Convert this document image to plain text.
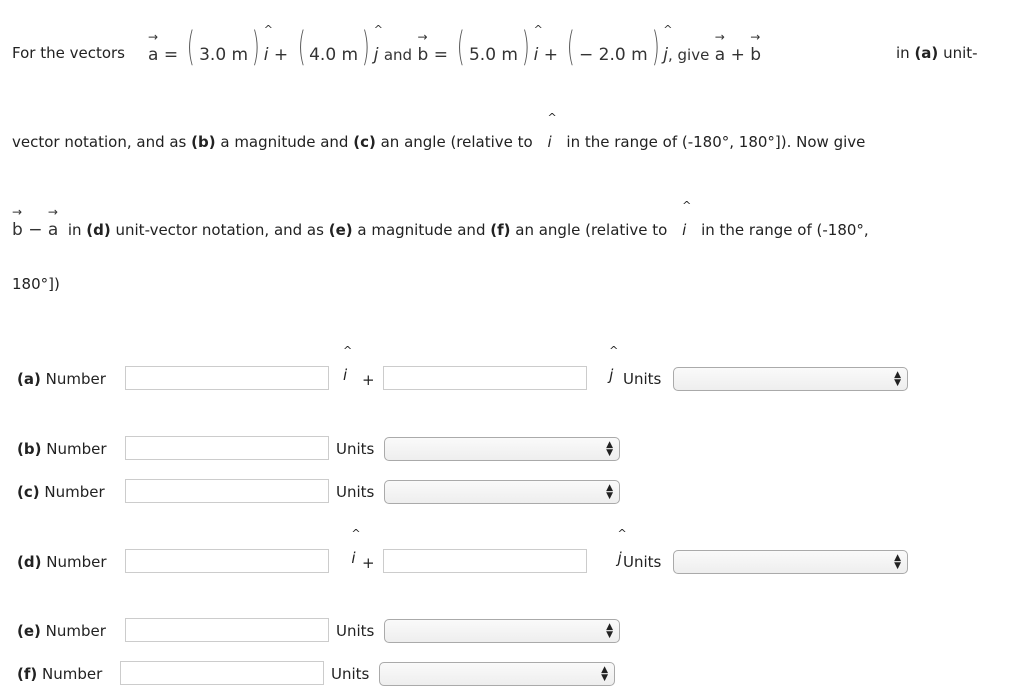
For the vectors → a = ( 3.0 m) ^ i + ( 4.0 m) ^ j and → b = ( 5.0 m) ^ i + ( − 2.0 m) ^ j, give → a + → b	in (a) unit-
vector notation, and as (b) a magnitude and (c) an angle (relative to ^ i in the range of (-180°, 180°]). Now give
→ b − → a in (d) unit-vector notation, and as (e) a magnitude and (f) an angle (relative to ^ i in the range of (-180°,
180°])
(a) Number	^ i +	^ j Units	▲
▼
(b) Number	Units	▲
▼
(c) Number	Units	▲
▼
(d) Number	^ i +	^ j Units	▲
▼
(e) Number	Units	▲
▼
(f) Number	Units	▲
▼
